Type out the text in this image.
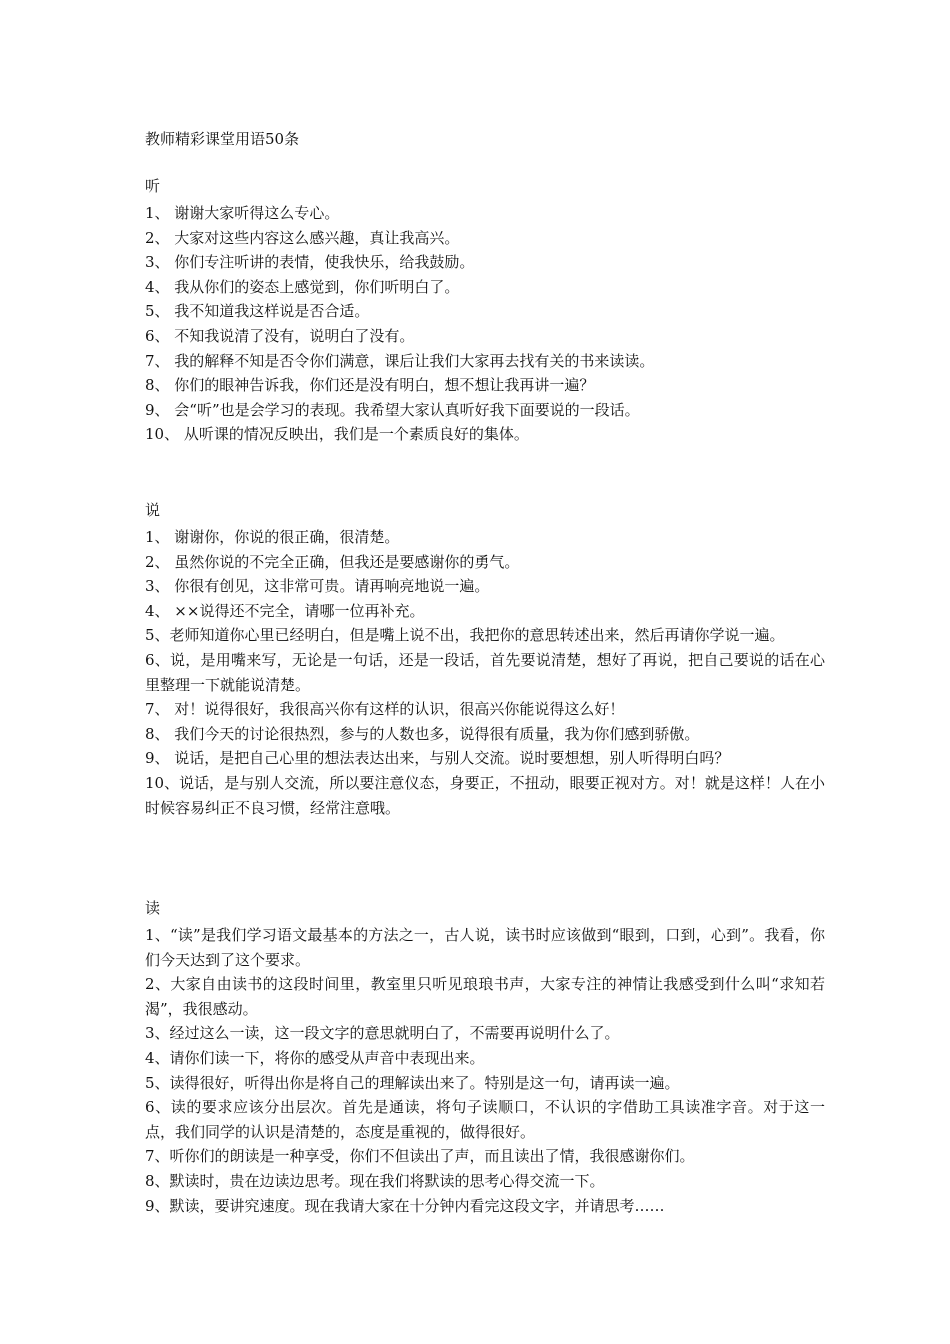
教师精彩课堂用语50条
听
1、 谢谢大家听得这么专心。
2、 大家对这些内容这么感兴趣，真让我高兴。
3、 你们专注听讲的表情，使我快乐，给我鼓励。
4、 我从你们的姿态上感觉到，你们听明白了。
5、 我不知道我这样说是否合适。
6、 不知我说清了没有，说明白了没有。
7、 我的解释不知是否令你们满意，课后让我们大家再去找有关的书来读读。
8、 你们的眼神告诉我，你们还是没有明白，想不想让我再讲一遍？
9、 会“听”也是会学习的表现。我希望大家认真听好我下面要说的一段话。
10、 从听课的情况反映出，我们是一个素质良好的集体。
说
1、 谢谢你，你说的很正确，很清楚。
2、 虽然你说的不完全正确，但我还是要感谢你的勇气。
3、 你很有创见，这非常可贵。请再响亮地说一遍。
4、 ××说得还不完全，请哪一位再补充。
5、老师知道你心里已经明白，但是嘴上说不出，我把你的意思转述出来，然后再请你学说一遍。
6、说，是用嘴来写，无论是一句话，还是一段话，首先要说清楚，想好了再说，把自己要说的话在心里整理一下就能说清楚。
7、 对！说得很好，我很高兴你有这样的认识，很高兴你能说得这么好！
8、 我们今天的讨论很热烈，参与的人数也多，说得很有质量，我为你们感到骄傲。
9、 说话，是把自己心里的想法表达出来，与别人交流。说时要想想，别人听得明白吗？
10、说话，是与别人交流，所以要注意仪态，身要正，不扭动，眼要正视对方。对！就是这样！人在小时候容易纠正不良习惯，经常注意哦。
读
1、“读”是我们学习语文最基本的方法之一，古人说，读书时应该做到“眼到，口到，心到”。我看，你们今天达到了这个要求。
2、大家自由读书的这段时间里，教室里只听见琅琅书声，大家专注的神情让我感受到什么叫“求知若渴”，我很感动。
3、经过这么一读，这一段文字的意思就明白了，不需要再说明什么了。
4、请你们读一下，将你的感受从声音中表现出来。
5、读得很好，听得出你是将自己的理解读出来了。特别是这一句，请再读一遍。
6、读的要求应该分出层次。首先是通读，将句子读顺口，不认识的字借助工具读准字音。对于这一点，我们同学的认识是清楚的，态度是重视的，做得很好。
7、听你们的朗读是一种享受，你们不但读出了声，而且读出了情，我很感谢你们。
8、默读时，贵在边读边思考。现在我们将默读的思考心得交流一下。
9、默读，要讲究速度。现在我请大家在十分钟内看完这段文字，并请思考……
